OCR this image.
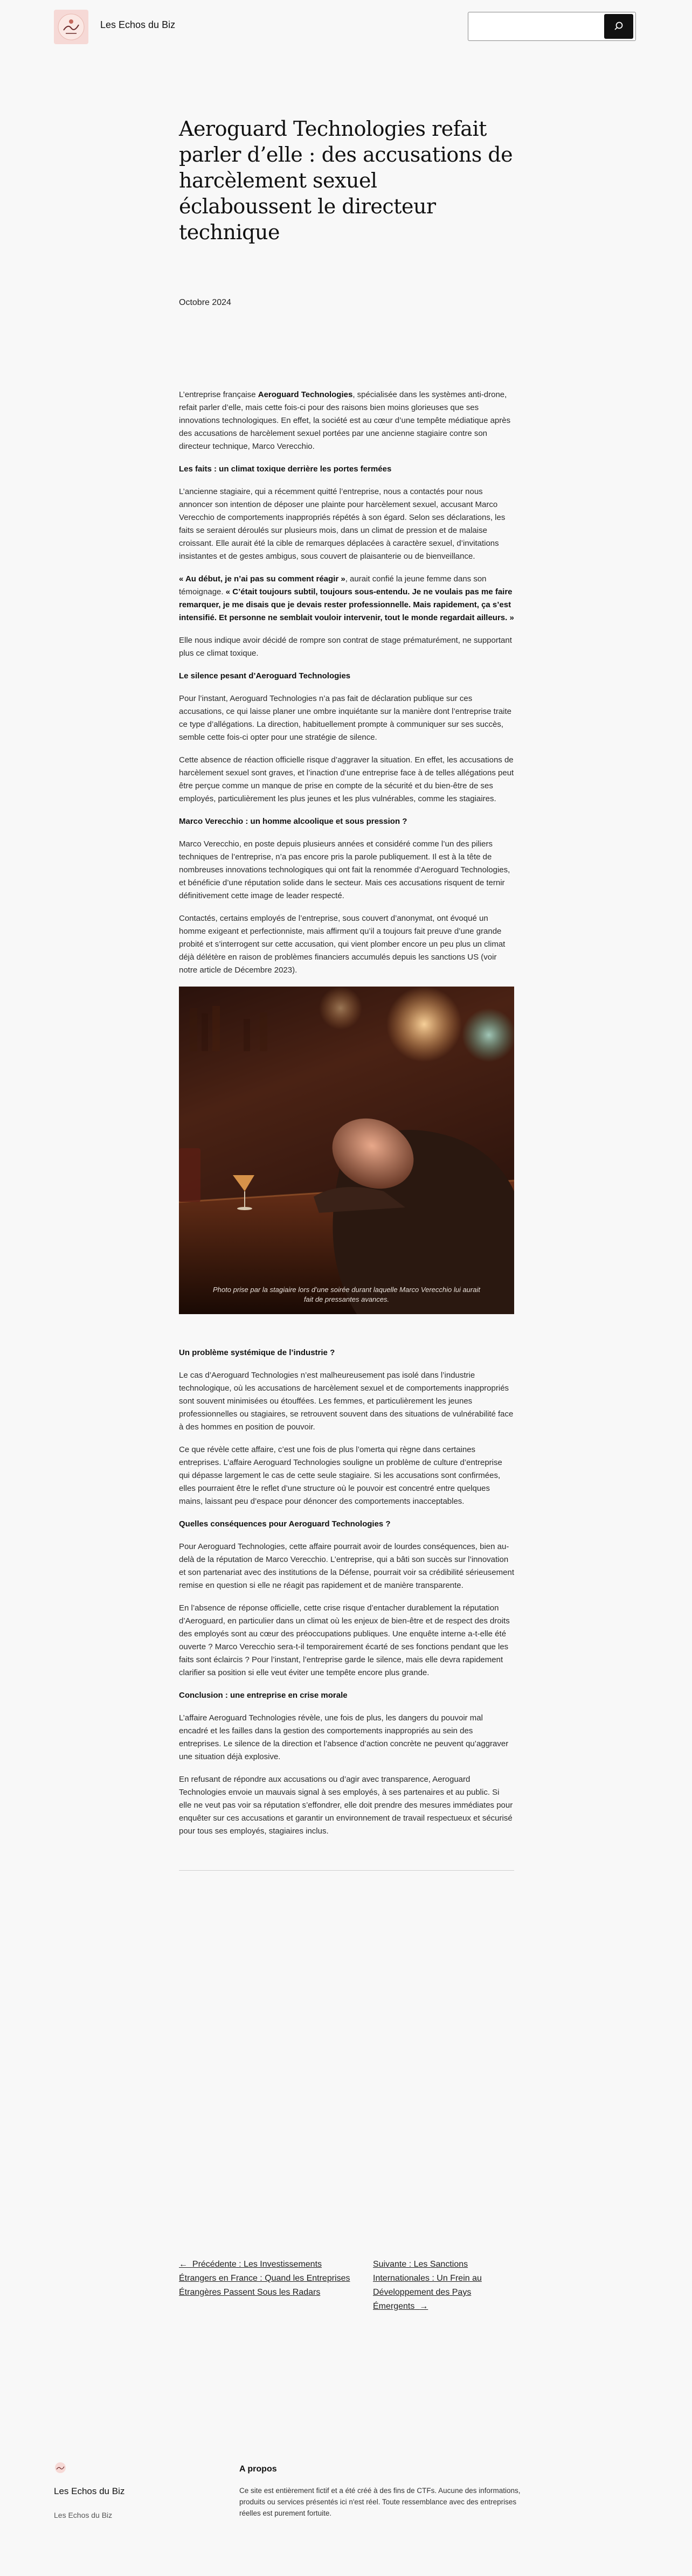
Les Echos du Biz
Aeroguard Technologies refait parler d’elle : des accusations de harcèlement sexuel éclaboussent le directeur technique
Octobre 2024

L’entreprise française Aeroguard Technologies, spécialisée dans les systèmes anti-drone, refait parler d’elle, mais cette fois-ci pour des raisons bien moins glorieuses que ses innovations technologiques. En effet, la société est au cœur d’une tempête médiatique après des accusations de harcèlement sexuel portées par une ancienne stagiaire contre son directeur technique, Marco Verecchio.

Les faits : un climat toxique derrière les portes fermées

L’ancienne stagiaire, qui a récemment quitté l’entreprise, nous a contactés pour nous annoncer son intention de déposer une plainte pour harcèlement sexuel, accusant Marco Verecchio de comportements inappropriés répétés à son égard. Selon ses déclarations, les faits se seraient déroulés sur plusieurs mois, dans un climat de pression et de malaise croissant. Elle aurait été la cible de remarques déplacées à caractère sexuel, d’invitations insistantes et de gestes ambigus, sous couvert de plaisanterie ou de bienveillance.

« Au début, je n’ai pas su comment réagir », aurait confié la jeune femme dans son témoignage. « C’était toujours subtil, toujours sous-entendu. Je ne voulais pas me faire remarquer, je me disais que je devais rester professionnelle. Mais rapidement, ça s’est intensifié. Et personne ne semblait vouloir intervenir, tout le monde regardait ailleurs. »

Elle nous indique avoir décidé de rompre son contrat de stage prématurément, ne supportant plus ce climat toxique.

Le silence pesant d’Aeroguard Technologies

Pour l’instant, Aeroguard Technologies n’a pas fait de déclaration publique sur ces accusations, ce qui laisse planer une ombre inquiétante sur la manière dont l’entreprise traite ce type d’allégations. La direction, habituellement prompte à communiquer sur ses succès, semble cette fois-ci opter pour une stratégie de silence.

Cette absence de réaction officielle risque d’aggraver la situation. En effet, les accusations de harcèlement sexuel sont graves, et l’inaction d’une entreprise face à de telles allégations peut être perçue comme un manque de prise en compte de la sécurité et du bien-être de ses employés, particulièrement les plus jeunes et les plus vulnérables, comme les stagiaires.

Marco Verecchio : un homme alcoolique et sous pression ?

Marco Verecchio, en poste depuis plusieurs années et considéré comme l’un des piliers techniques de l’entreprise, n’a pas encore pris la parole publiquement. Il est à la tête de nombreuses innovations technologiques qui ont fait la renommée d’Aeroguard Technologies, et bénéficie d’une réputation solide dans le secteur. Mais ces accusations risquent de ternir définitivement cette image de leader respecté.

Contactés, certains employés de l’entreprise, sous couvert d’anonymat, ont évoqué un homme exigeant et perfectionniste, mais affirment qu’il a toujours fait preuve d’une grande probité et s’interrogent sur cette accusation, qui vient plomber encore un peu plus un climat déjà délétère en raison de problèmes financiers accumulés depuis les sanctions US (voir notre article de Décembre 2023).

Photo prise par la stagiaire lors d’une soirée durant laquelle Marco Verecchio lui aurait fait de pressantes avances.
Un problème systémique de l’industrie ?

Le cas d’Aeroguard Technologies n’est malheureusement pas isolé dans l’industrie technologique, où les accusations de harcèlement sexuel et de comportements inappropriés sont souvent minimisées ou étouffées. Les femmes, et particulièrement les jeunes professionnelles ou stagiaires, se retrouvent souvent dans des situations de vulnérabilité face à des hommes en position de pouvoir.

Ce que révèle cette affaire, c’est une fois de plus l’omerta qui règne dans certaines entreprises. L’affaire Aeroguard Technologies souligne un problème de culture d’entreprise qui dépasse largement le cas de cette seule stagiaire. Si les accusations sont confirmées, elles pourraient être le reflet d’une structure où le pouvoir est concentré entre quelques mains, laissant peu d’espace pour dénoncer des comportements inacceptables.

Quelles conséquences pour Aeroguard Technologies ?

Pour Aeroguard Technologies, cette affaire pourrait avoir de lourdes conséquences, bien au-delà de la réputation de Marco Verecchio. L’entreprise, qui a bâti son succès sur l’innovation et son partenariat avec des institutions de la Défense, pourrait voir sa crédibilité sérieusement remise en question si elle ne réagit pas rapidement et de manière transparente.

En l’absence de réponse officielle, cette crise risque d’entacher durablement la réputation d’Aeroguard, en particulier dans un climat où les enjeux de bien-être et de respect des droits des employés sont au cœur des préoccupations publiques. Une enquête interne a-t-elle été ouverte ? Marco Verecchio sera-t-il temporairement écarté de ses fonctions pendant que les faits sont éclaircis ? Pour l’instant, l’entreprise garde le silence, mais elle devra rapidement clarifier sa position si elle veut éviter une tempête encore plus grande.

Conclusion : une entreprise en crise morale

L’affaire Aeroguard Technologies révèle, une fois de plus, les dangers du pouvoir mal encadré et les failles dans la gestion des comportements inappropriés au sein des entreprises. Le silence de la direction et l’absence d’action concrète ne peuvent qu’aggraver une situation déjà explosive.

En refusant de répondre aux accusations ou d’agir avec transparence, Aeroguard Technologies envoie un mauvais signal à ses employés, à ses partenaires et au public. Si elle ne veut pas voir sa réputation s’effondrer, elle doit prendre des mesures immédiates pour enquêter sur ces accusations et garantir un environnement de travail respectueux et sécurisé pour tous ses employés, stagiaires inclus.

← Précédente : Les Investissements Étrangers en France : Quand les Entreprises Étrangères Passent Sous les Radars
Suivante : Les Sanctions Internationales : Un Frein au Développement des Pays Émergents →
Les Echos du Biz
Les Echos du Biz
A propos
Ce site est entièrement fictif et a été créé à des fins de CTFs. Aucune des informations, produits ou services présentés ici n'est réel. Toute ressemblance avec des entreprises réelles est purement fortuite.
